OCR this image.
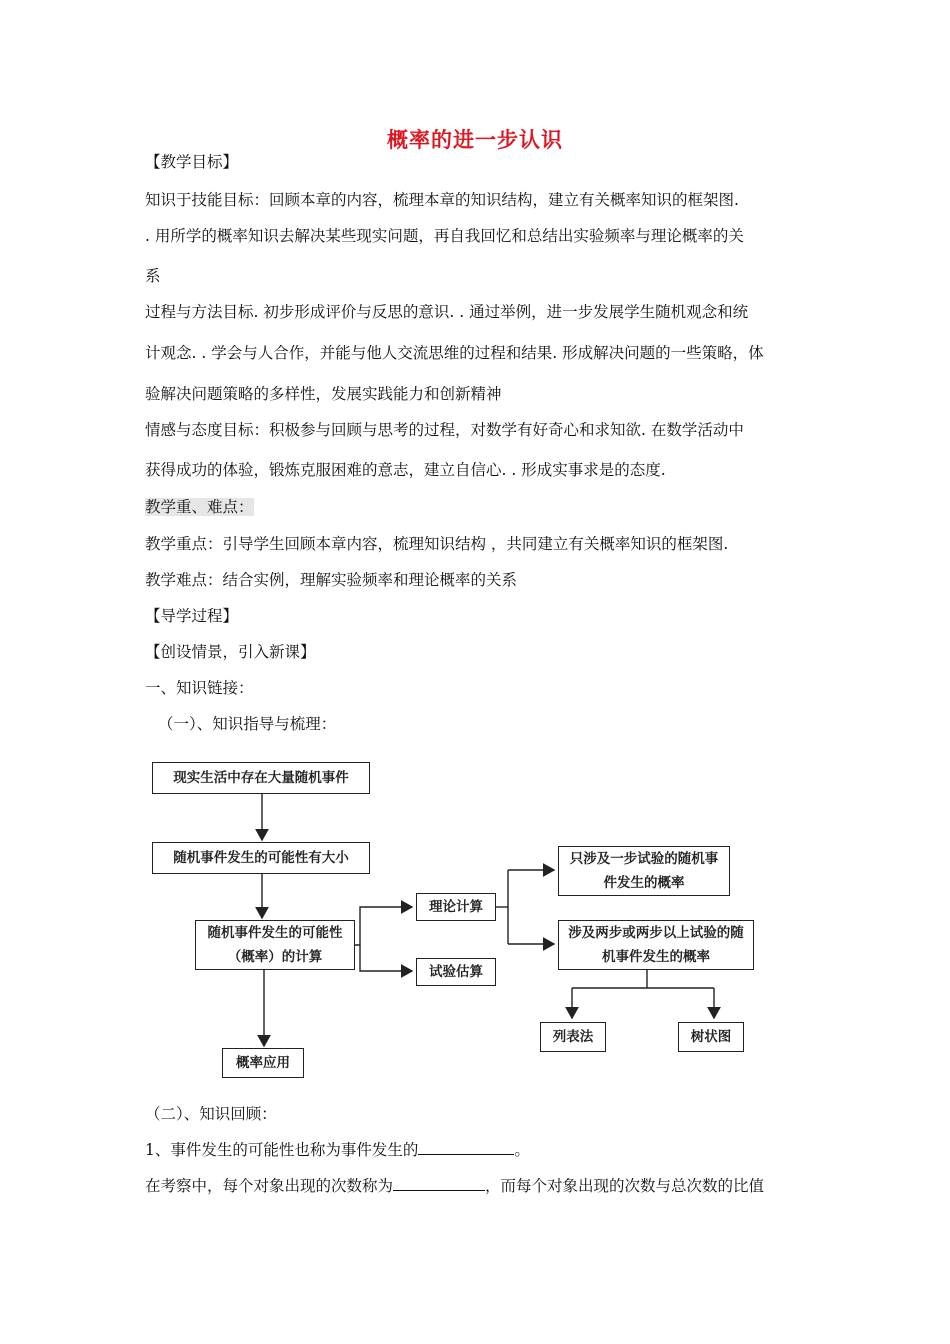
概率的进一步认识
【教学目标】
知识于技能目标：回顾本章的内容，梳理本章的知识结构，建立有关概率知识的框架图.
. 用所学的概率知识去解决某些现实问题，再自我回忆和总结出实验频率与理论概率的关
系
过程与方法目标. 初步形成评价与反思的意识. . 通过举例，进一步发展学生随机观念和统
计观念. . 学会与人合作，并能与他人交流思维的过程和结果. 形成解决问题的一些策略，体
验解决问题策略的多样性，发展实践能力和创新精神
情感与态度目标：积极参与回顾与思考的过程，对数学有好奇心和求知欲. 在数学活动中
获得成功的体验，锻炼克服困难的意志，建立自信心. . 形成实事求是的态度.
教学重、难点：
教学重点：引导学生回顾本章内容，梳理知识结构 ，共同建立有关概率知识的框架图.
教学难点：结合实例，理解实验频率和理论概率的关系
【导学过程】
【创设情景，引入新课】
一、知识链接：
（一）、知识指导与梳理：
现实生活中存在大量随机事件
随机事件发生的可能性有大小
随机事件发生的可能性（概率）的计算
概率应用
理论计算
试验估算
只涉及一步试验的随机事件发生的概率
涉及两步或两步以上试验的随机事件发生的概率
列表法	树状图
（二）、知识回顾：
1、事件发生的可能性也称为事件发生的	。
在考察中，每个对象出现的次数称为	，而每个对象出现的次数与总次数的比值
